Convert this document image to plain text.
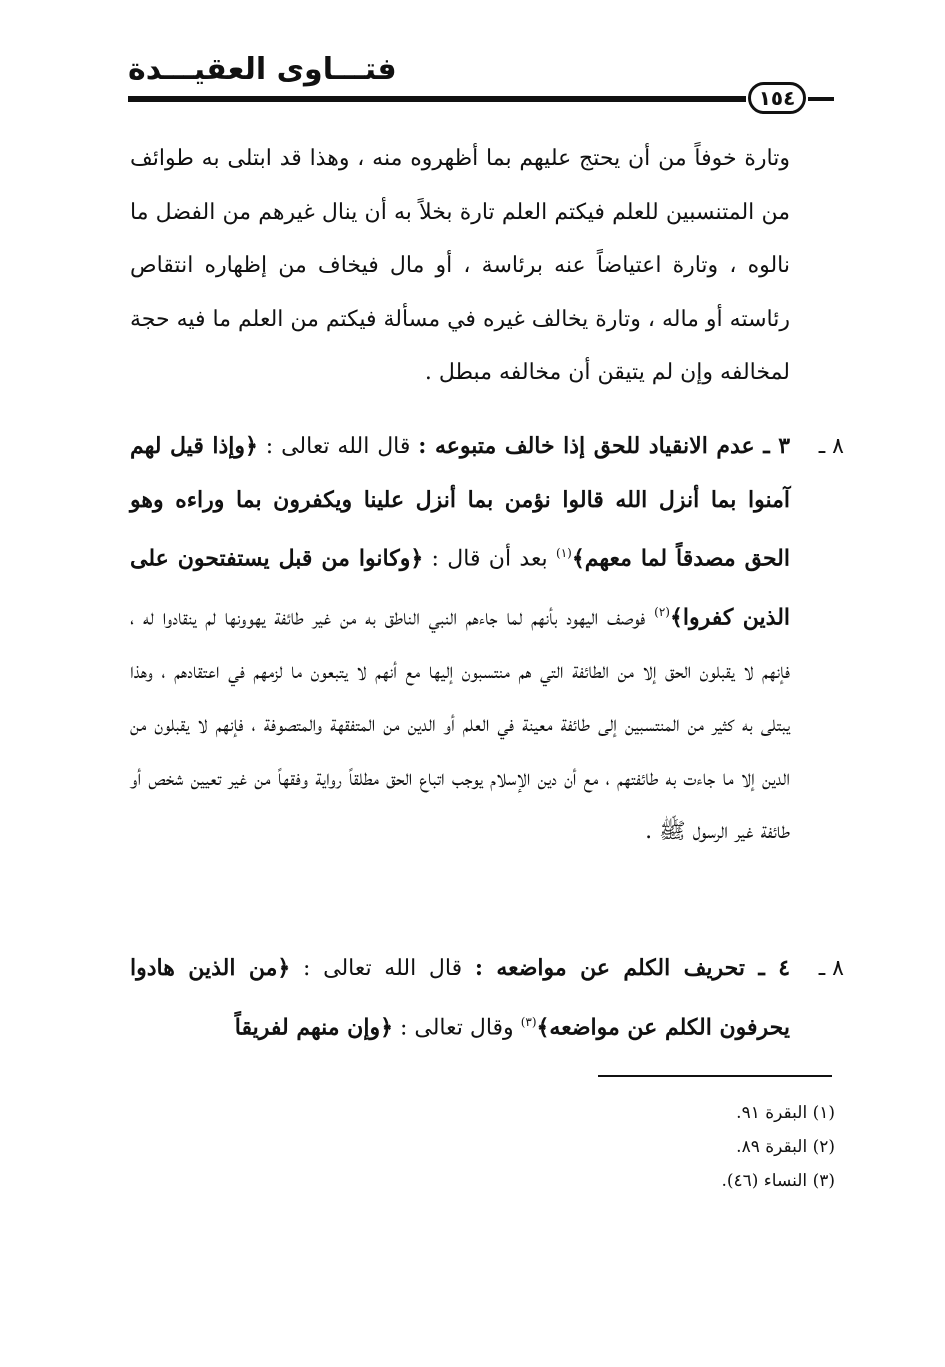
فتـــاوى العقيـــدة
١٥٤
وتارة خوفاً من أن يحتج عليهم بما أظهروه منه ، وهذا قد ابتلى به طوائف من المتنسبين للعلم فيكتم العلم تارة بخلاً به أن ينال غيرهم من الفضل ما نالوه ، وتارة اعتياضاً عنه برئاسة ، أو مال فيخاف من إظهاره انتقاص رئاسته أو ماله ، وتارة يخالف غيره في مسألة فيكتم من العلم ما فيه حجة لمخالفه وإن لم يتيقن أن مخالفه مبطل .
٨ ـ
٣ ـ عدم الانقياد للحق إذا خالف متبوعه : قال الله تعالى : ﴿وإذا قيل لهم آمنوا بما أنزل الله قالوا نؤمن بما أنزل علينا ويكفرون بما وراءه وهو الحق مصدقاً لما معهم﴾$^{(١)}$ بعد أن قال : ﴿وكانوا من قبل يستفتحون على الذين كفروا﴾$^{(٢)}$ فوصف اليهود بأنهم لما جاءهم النبي الناطق به من غير طائفة يهوونها لم ينقادوا له ، فإنهم لا يقبلون الحق إلا من الطائفة التي هم منتسبون إليها مع أنهم لا يتبعون ما لزمهم في اعتقادهم ، وهذا يبتلى به كثير من المنتسبين إلى طائفة معينة في العلم أو الدين من المتفقهة والمتصوفة ، فإنهم لا يقبلون من الدين إلا ما جاءت به طائفتهم ، مع أن دين الإسلام يوجب اتباع الحق مطلقاً رواية وفقهاً من غير تعيين شخص أو طائفة غير الرسول ﷺ .
٨ ـ
٤ ـ تحريف الكلم عن مواضعه : قال الله تعالى : ﴿من الذين هادوا يحرفون الكلم عن مواضعه﴾$^{(٣)}$ وقال تعالى : ﴿وإن منهم لفريقاً
(١) البقرة ٩١.
(٢) البقرة ٨٩.
(٣) النساء (٤٦).
